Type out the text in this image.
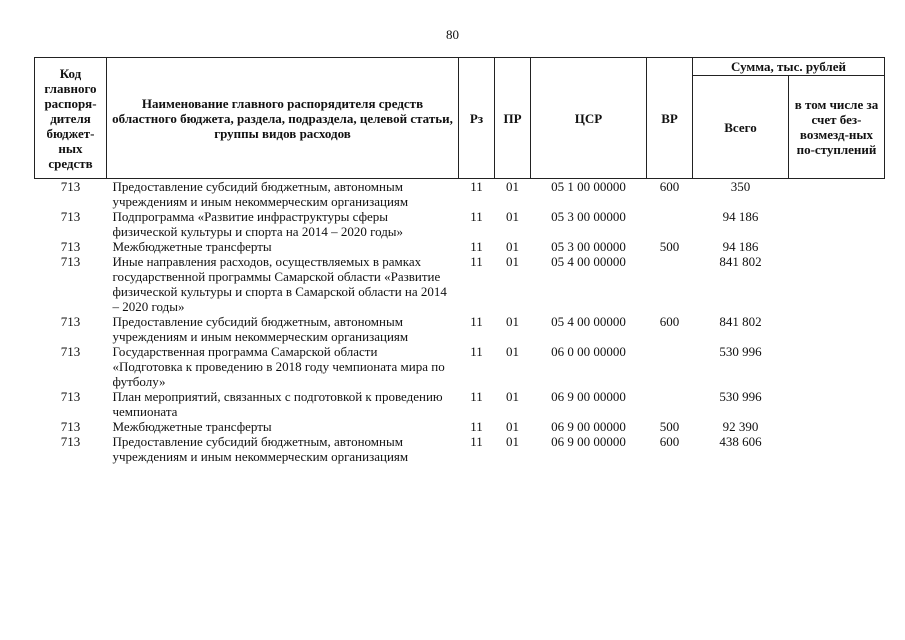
80
Код главного распоря-дителя бюджет-ных средств	Наименование главного распорядителя средств областного бюджета, раздела, подраздела, целевой статьи, группы видов расходов	Рз	ПР	ЦСР	ВР	Сумма, тыс. рублей	
						Всего	в том числе за счет без-возмезд-ных по-ступлений
713	Предоставление субсидий бюджетным, автономным учреждениям и иным некоммерческим организациям	11	01	05 1 00 00000	600	350	
713	Подпрограмма «Развитие инфраструктуры сферы физической культуры и спорта на 2014 – 2020 годы»	11	01	05 3 00 00000		94 186	
713	Межбюджетные трансферты	11	01	05 3 00 00000	500	94 186	
713	Иные направления расходов, осуществляемых в рамках государственной программы Самарской области «Развитие физической культуры и спорта в Самарской области на 2014 – 2020 годы»	11	01	05 4 00 00000		841 802	
713	Предоставление субсидий бюджетным, автономным учреждениям и иным некоммерческим организациям	11	01	05 4 00 00000	600	841 802	
713	Государственная программа Самарской области «Подготовка к проведению в 2018 году чемпионата мира по футболу»	11	01	06 0 00 00000		530 996	
713	План мероприятий, связанных с подготовкой к проведению чемпионата	11	01	06 9 00 00000		530 996	
713	Межбюджетные трансферты	11	01	06 9 00 00000	500	92 390	
713	Предоставление субсидий бюджетным, автономным учреждениям и иным некоммерческим организациям	11	01	06 9 00 00000	600	438 606	
